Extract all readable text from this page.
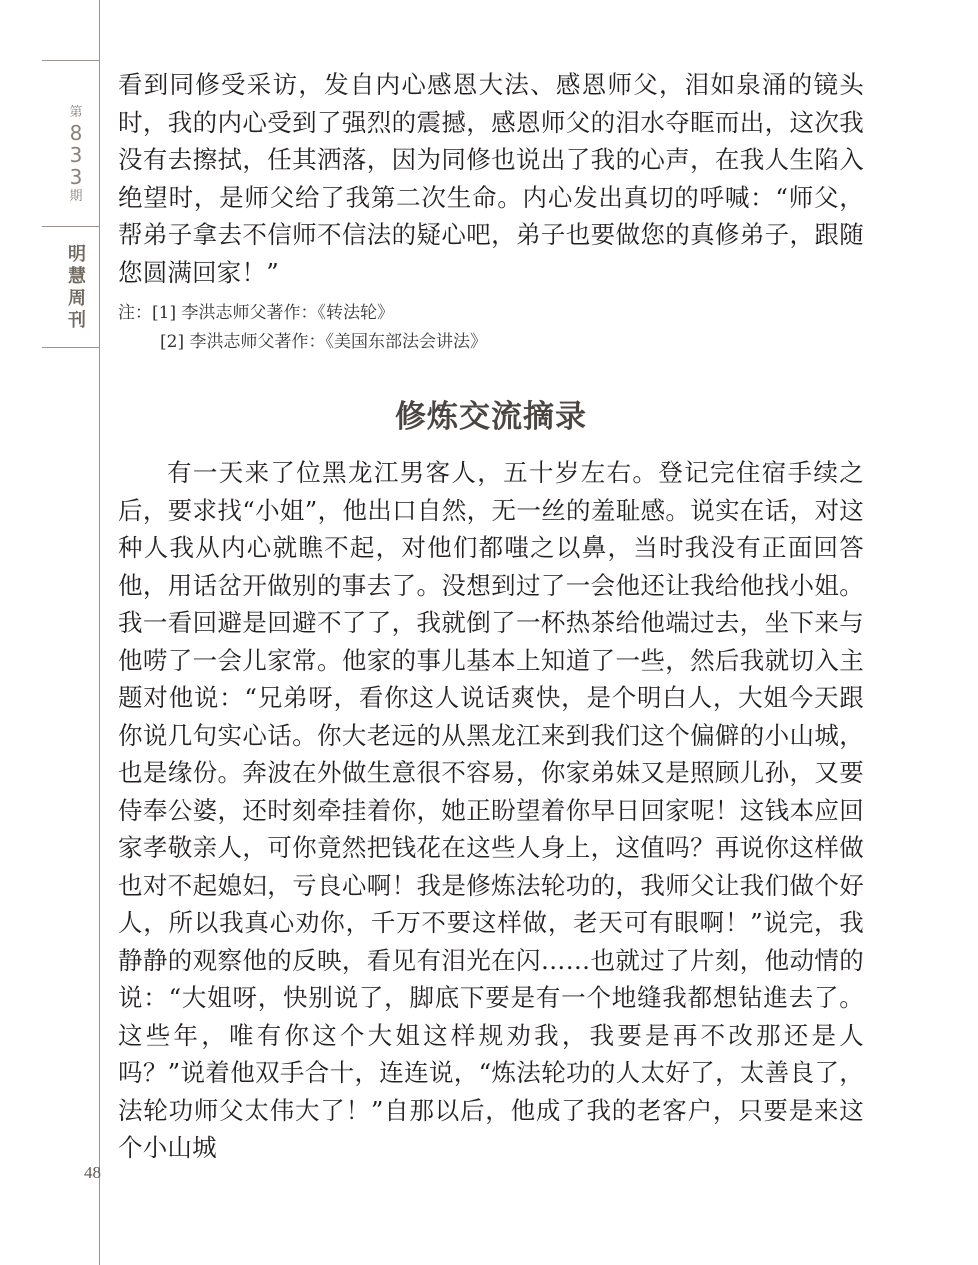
第
8
3
3
期
明
慧
周
刊
48

看到同修受采访，发自内心感恩大法、感恩师父，泪如泉涌的镜头时，我的内心受到了强烈的震撼，感恩师父的泪水夺眶而出，这次我没有去擦拭，任其洒落，因为同修也说出了我的心声，在我人生陷入绝望时，是师父给了我第二次生命。内心发出真切的呼喊：“师父，帮弟子拿去不信师不信法的疑心吧，弟子也要做您的真修弟子，跟随您圆满回家！”

注：[1] 李洪志师父著作：《转法轮》
[2] 李洪志师父著作：《美国东部法会讲法》
修炼交流摘录

有一天来了位黑龙江男客人，五十岁左右。登记完住宿手续之后，要求找“小姐”，他出口自然，无一丝的羞耻感。说实在话，对这种人我从内心就瞧不起，对他们都嗤之以鼻，当时我没有正面回答他，用话岔开做别的事去了。没想到过了一会他还让我给他找小姐。我一看回避是回避不了了，我就倒了一杯热茶给他端过去，坐下来与他唠了一会儿家常。他家的事儿基本上知道了一些，然后我就切入主题对他说：“兄弟呀，看你这人说话爽快，是个明白人，大姐今天跟你说几句实心话。你大老远的从黑龙江来到我们这个偏僻的小山城，也是缘份。奔波在外做生意很不容易，你家弟妹又是照顾儿孙，又要侍奉公婆，还时刻牵挂着你，她正盼望着你早日回家呢！这钱本应回家孝敬亲人，可你竟然把钱花在这些人身上，这值吗？再说你这样做也对不起媳妇，亏良心啊！我是修炼法轮功的，我师父让我们做个好人，所以我真心劝你，千万不要这样做，老天可有眼啊！”说完，我静静的观察他的反映，看见有泪光在闪……也就过了片刻，他动情的说：“大姐呀，快别说了，脚底下要是有一个地缝我都想钻進去了。这些年，唯有你这个大姐这样规劝我，我要是再不改那还是人吗？”说着他双手合十，连连说，“炼法轮功的人太好了，太善良了，法轮功师父太伟大了！”自那以后，他成了我的老客户，只要是来这个小山城
